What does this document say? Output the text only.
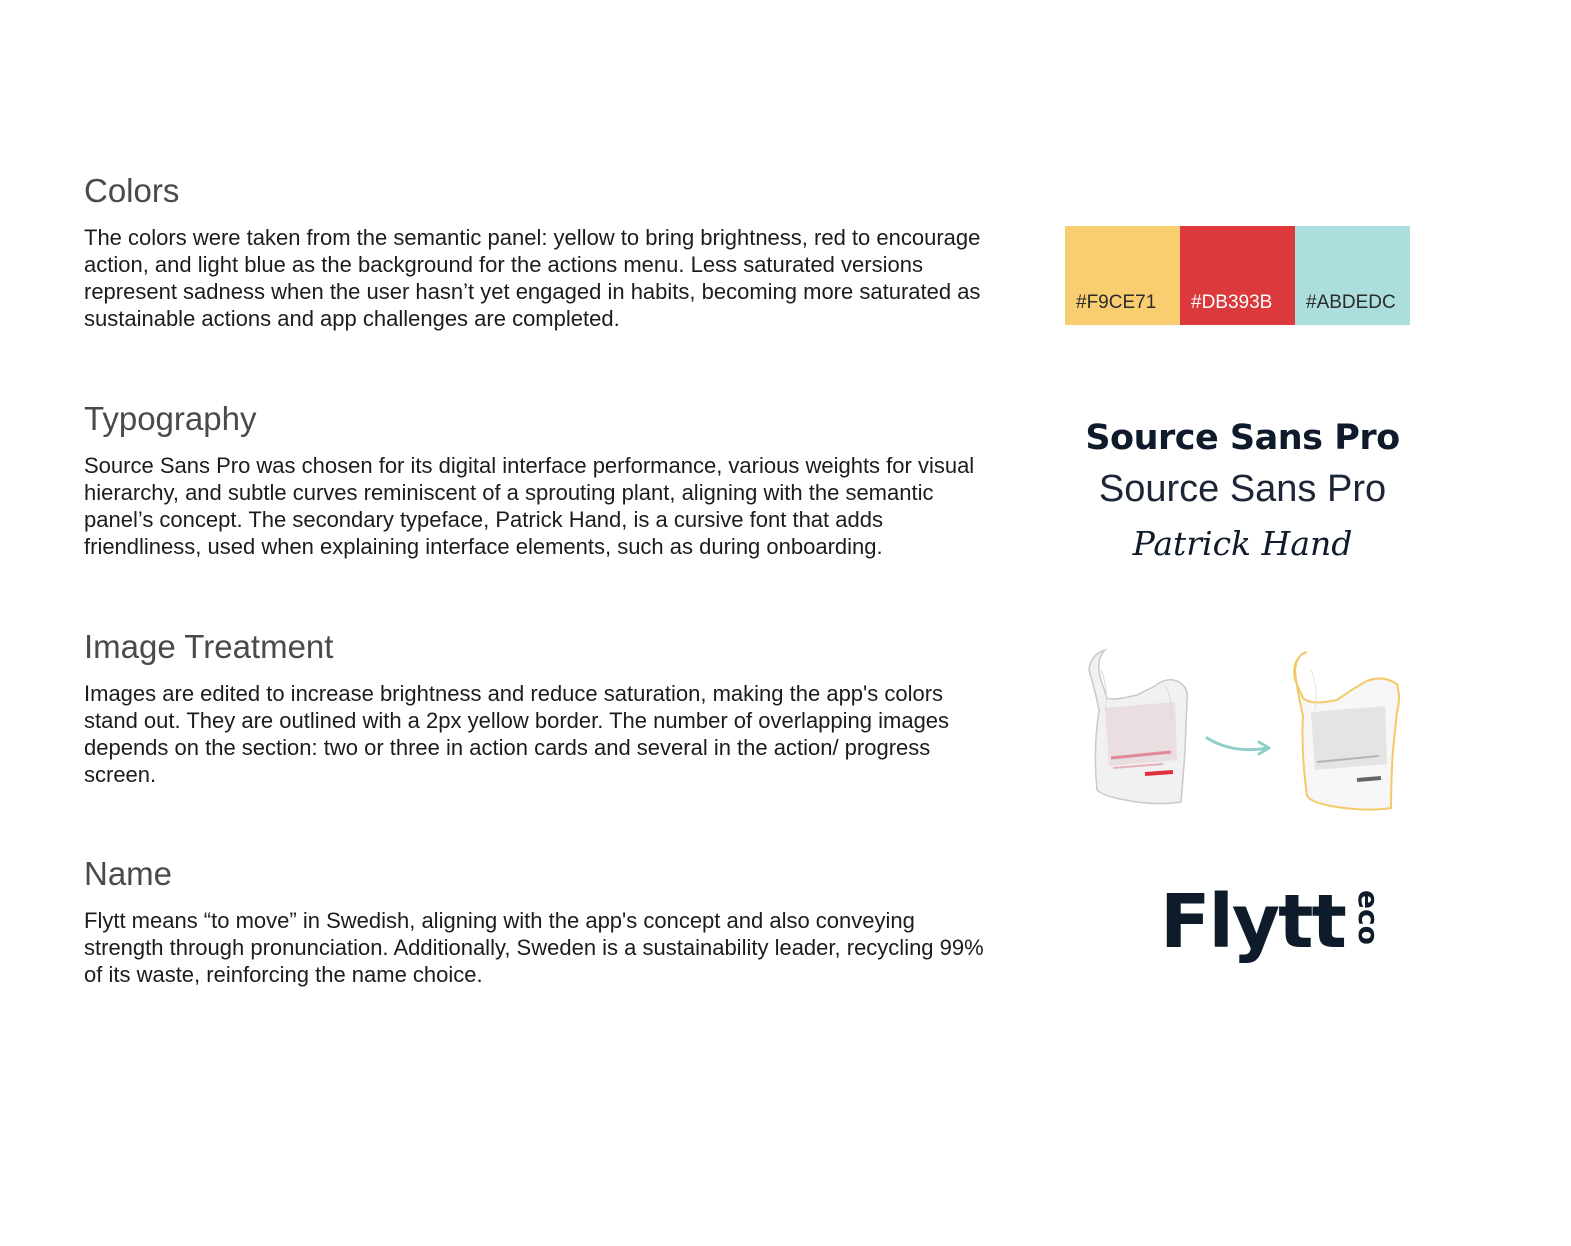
Colors

The colors were taken from the semantic panel: yellow to bring brightness, red to encourage action, and light blue as the background for the actions menu. Less saturated versions represent sadness when the user hasn’t yet engaged in habits, becoming more saturated as sustainable actions and app challenges are completed.

Typography

Source Sans Pro was chosen for its digital interface performance, various weights for visual hierarchy, and subtle curves reminiscent of a sprouting plant, aligning with the semantic panel’s concept. The secondary typeface, Patrick Hand, is a cursive font that adds friendliness, used when explaining interface elements, such as during onboarding.

Image Treatment

Images are edited to increase brightness and reduce saturation, making the app's colors stand out. They are outlined with a 2px yellow border. The number of overlapping images depends on the section: two or three in action cards and several in the action/ progress screen.

Name

Flytt means “to move” in Swedish, aligning with the app's concept and also conveying strength through pronunciation. Additionally, Sweden is a sustainability leader, recycling 99% of its waste, reinforcing the name choice.

#F9CE71 #DB393B #ABDEDC
Source Sans Pro
Source Sans Pro
Patrick Hand
Flytt eco
